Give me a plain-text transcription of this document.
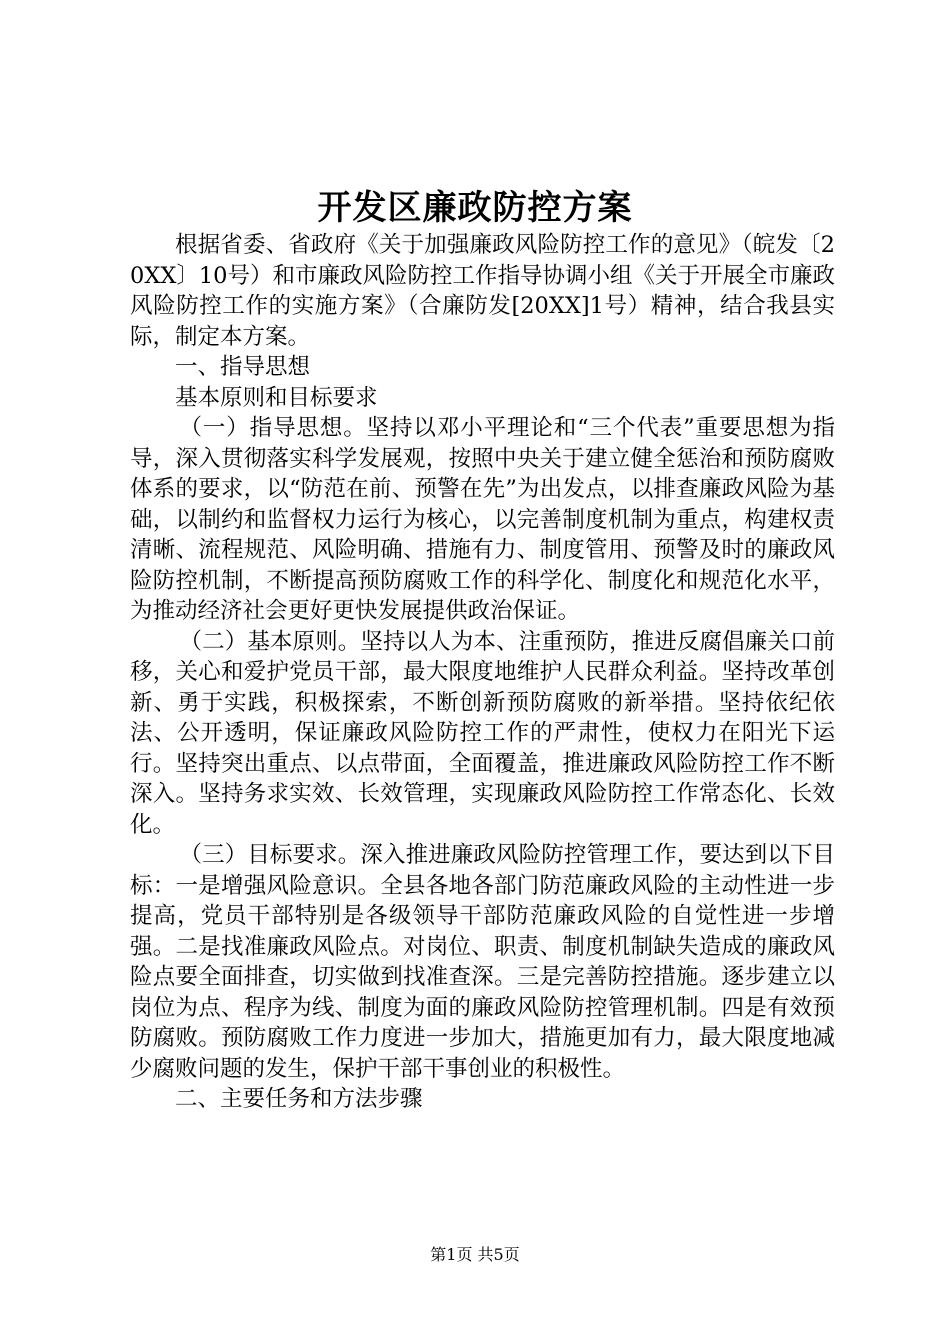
开发区廉政防控方案

根据省委、省政府《关于加强廉政风险防控工作的意见》（皖发〔20XX〕10号）和市廉政风险防控工作指导协调小组《关于开展全市廉政风险防控工作的实施方案》（合廉防发[20XX]1号）精神，结合我县实际，制定本方案。

一、指导思想

基本原则和目标要求

（一）指导思想。坚持以邓小平理论和“三个代表”重要思想为指导，深入贯彻落实科学发展观，按照中央关于建立健全惩治和预防腐败体系的要求，以“防范在前、预警在先”为出发点，以排查廉政风险为基础，以制约和监督权力运行为核心，以完善制度机制为重点，构建权责清晰、流程规范、风险明确、措施有力、制度管用、预警及时的廉政风险防控机制，不断提高预防腐败工作的科学化、制度化和规范化水平，为推动经济社会更好更快发展提供政治保证。

（二）基本原则。坚持以人为本、注重预防，推进反腐倡廉关口前移，关心和爱护党员干部，最大限度地维护人民群众利益。坚持改革创新、勇于实践，积极探索，不断创新预防腐败的新举措。坚持依纪依法、公开透明，保证廉政风险防控工作的严肃性，使权力在阳光下运行。坚持突出重点、以点带面，全面覆盖，推进廉政风险防控工作不断深入。坚持务求实效、长效管理，实现廉政风险防控工作常态化、长效化。

（三）目标要求。深入推进廉政风险防控管理工作，要达到以下目标：一是增强风险意识。全县各地各部门防范廉政风险的主动性进一步提高，党员干部特别是各级领导干部防范廉政风险的自觉性进一步增强。二是找准廉政风险点。对岗位、职责、制度机制缺失造成的廉政风险点要全面排查，切实做到找准查深。三是完善防控措施。逐步建立以岗位为点、程序为线、制度为面的廉政风险防控管理机制。四是有效预防腐败。预防腐败工作力度进一步加大，措施更加有力，最大限度地减少腐败问题的发生，保护干部干事创业的积极性。

二、主要任务和方法步骤

第1页 共5页
